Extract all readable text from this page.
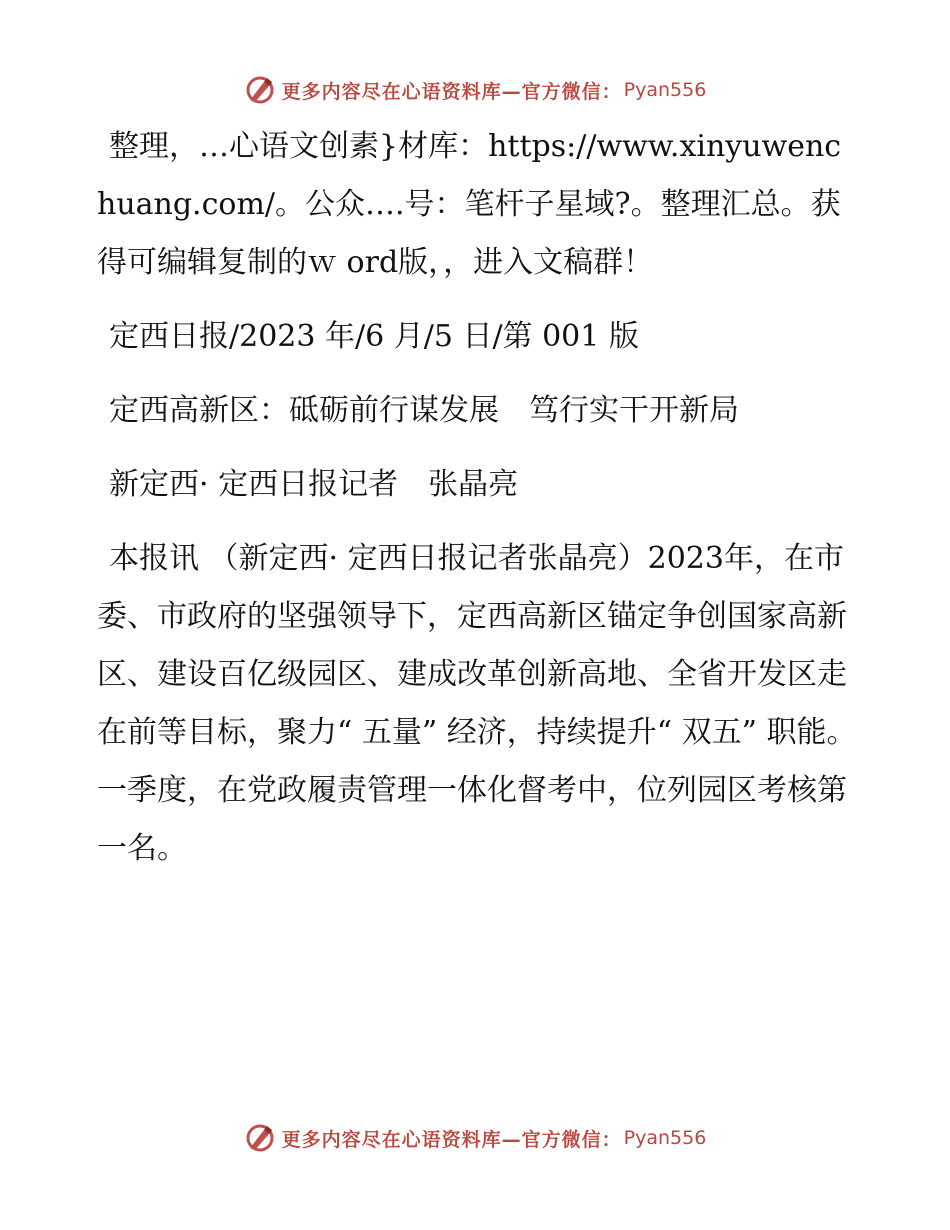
更多内容尽在心语资料库—官方微信： Pyan556

整理，…心语文创素}材库：https://www.xinyuwenchuang.com/。公众….号：笔杆子星域?。整理汇总。获得可编辑复制的ｗ ord版，，进入文稿群！

定西日报/2023 年/6 月/5 日/第 001 版

定西高新区：砥砺前行谋发展　笃行实干开新局

新定西· 定西日报记者　张晶亮

本报讯 （新定西· 定西日报记者张晶亮）2023年，在市委、市政府的坚强领导下，定西高新区锚定争创国家高新区、建设百亿级园区、建成改革创新高地、全省开发区走在前等目标，聚力“ 五量” 经济，持续提升“ 双五” 职能。一季度，在党政履责管理一体化督考中，位列园区考核第一名。

更多内容尽在心语资料库—官方微信： Pyan556
